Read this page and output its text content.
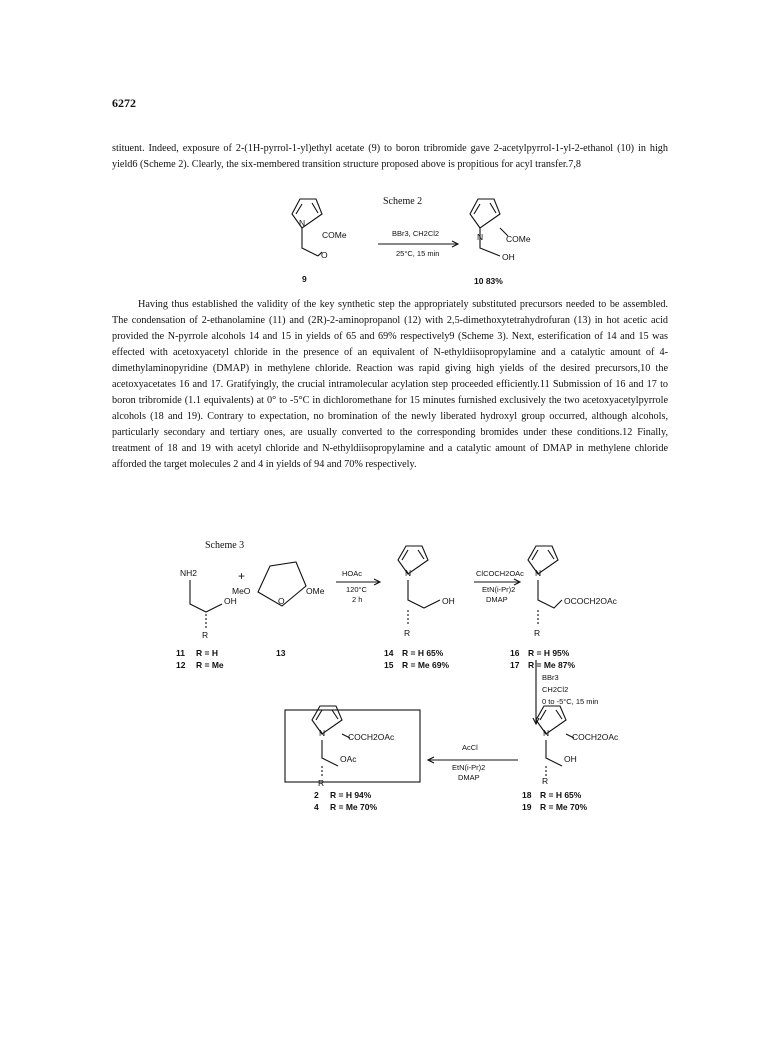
6272
stituent. Indeed, exposure of 2-(1H-pyrrol-1-yl)ethyl acetate (9) to boron tribromide gave 2-acetylpyrrol-1-yl-2-ethanol (10) in high yield6 (Scheme 2). Clearly, the six-membered transition structure proposed above is propitious for acyl transfer.7,8
Scheme 2
Having thus established the validity of the key synthetic step the appropriately substituted precursors needed to be assembled. The condensation of 2-ethanolamine (11) and (2R)-2-aminopropanol (12) with 2,5-dimethoxytetrahydrofuran (13) in hot acetic acid provided the N-pyrrole alcohols 14 and 15 in yields of 65 and 69% respectively9 (Scheme 3). Next, esterification of 14 and 15 was effected with acetoxyacetyl chloride in the presence of an equivalent of N-ethyldiisopropylamine and a catalytic amount of 4-dimethylaminopyridine (DMAP) in methylene chloride. Reaction was rapid giving high yields of the desired precursors,10 the acetoxyacetates 16 and 17. Gratifyingly, the crucial intramolecular acylation step proceeded efficiently.11 Submission of 16 and 17 to boron tribromide (1.1 equivalents) at 0° to -5°C in dichloromethane for 15 minutes furnished exclusively the two acetoxyacetylpyrrole alcohols (18 and 19). Contrary to expectation, no bromination of the newly liberated hydroxyl group occurred, although alcohols, particularly secondary and tertiary ones, are usually converted to the corresponding bromides under these conditions.12 Finally, treatment of 18 and 19 with acetyl chloride and N-ethyldiisopropylamine and a catalytic amount of DMAP in methylene chloride afforded the target molecules 2 and 4 in yields of 94 and 70% respectively.
Scheme 3
N
COMe
O
BBr3, CH2Cl2
25°C, 15 min
N	COMe
OH
9	10 83%
NH2
OH
R
+
MeO
O
OMe
HOAc
120°C
2 h
N
OH
R
ClCOCH2OAc
EtN(i-Pr)2
DMAP
N
OCOCH2OAc
R
11 R = H
12 R = Me
13	14 R = H 65%
15 R = Me 69%
16 R = H 95%
17 R = Me 87%
BBr3
CH2Cl2
0 to -5°C, 15 min
N	COCH2OAc
OH
R
AcCl
EtN(i-Pr)2
DMAP
N	COCH2OAc
OAc
R
2 R = H 94%
4 R = Me 70%
18 R = H 65%
19 R = Me 70%
